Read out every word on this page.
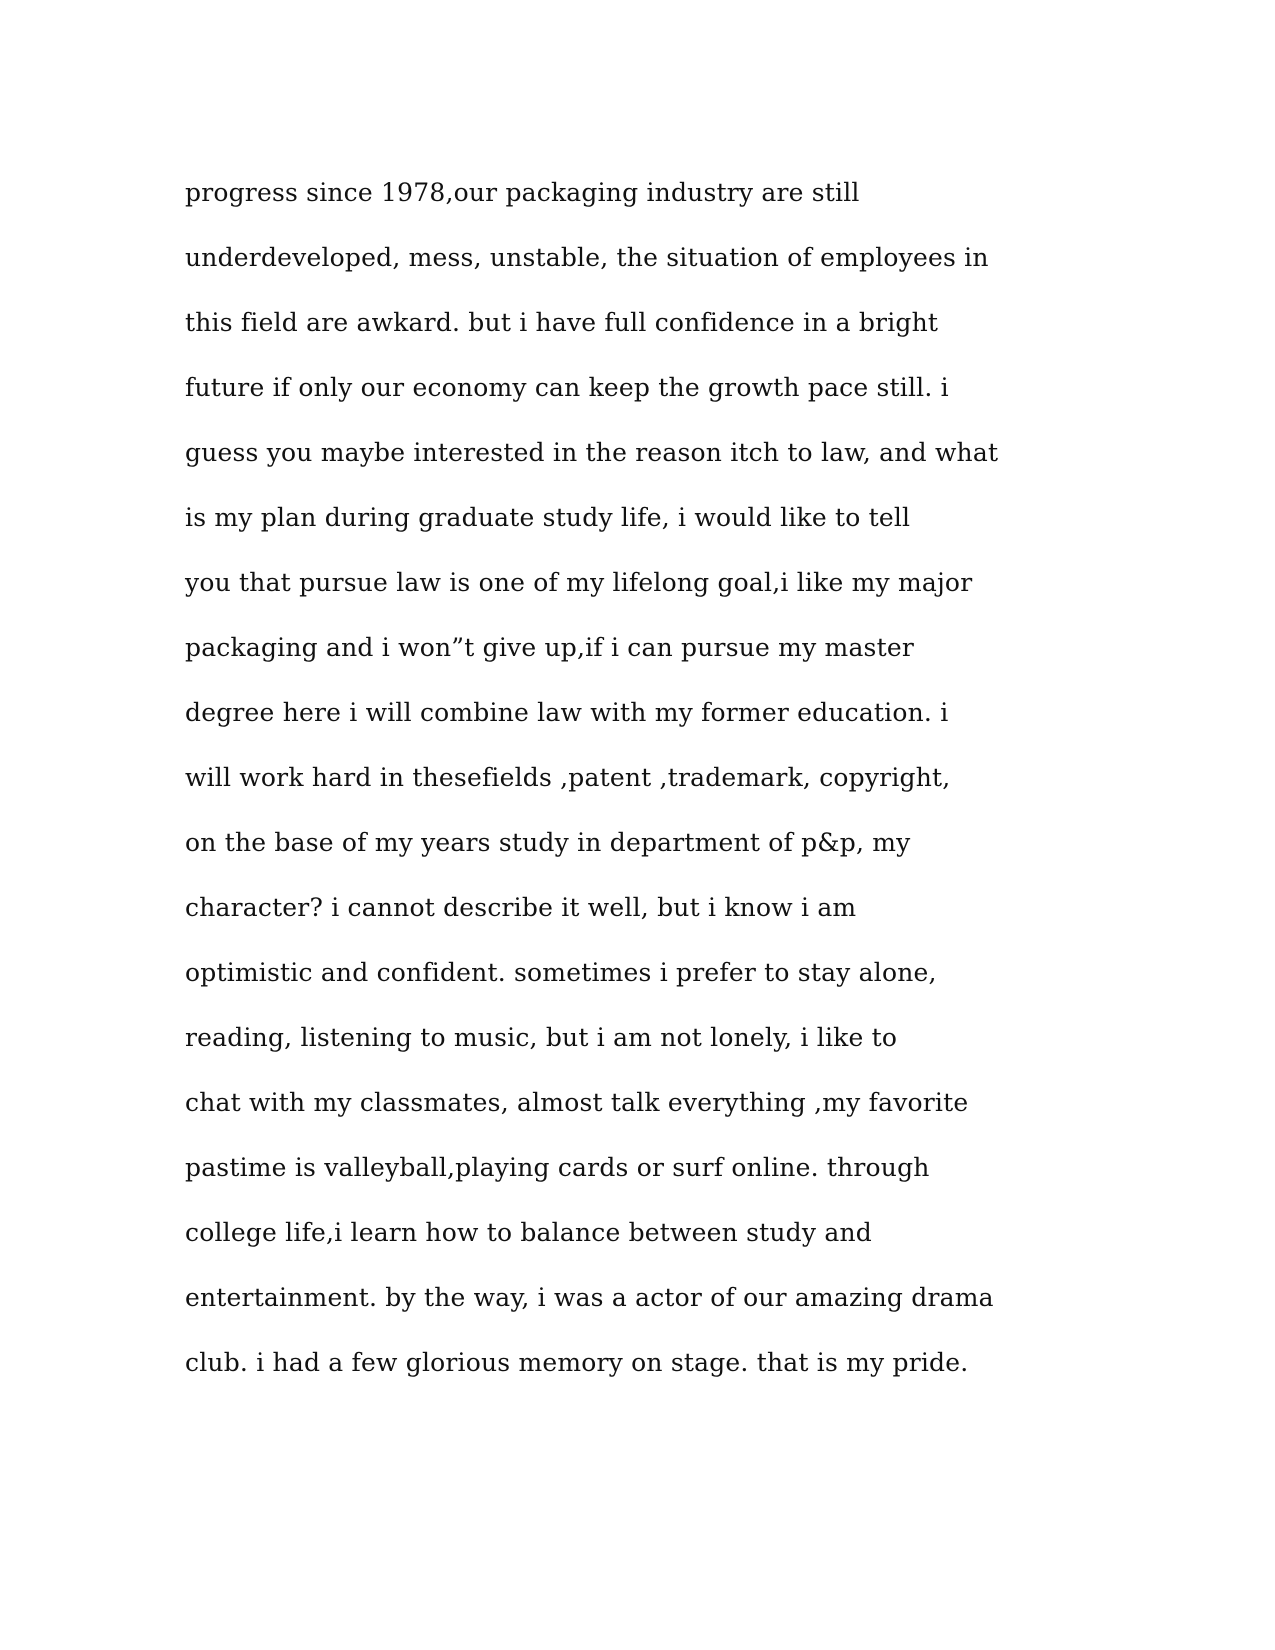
progress since 1978,our packaging industry are still
underdeveloped, mess, unstable, the situation of employees in
this field are awkard. but i have full confidence in a bright
future if only our economy can keep the growth pace still. i
guess you maybe interested in the reason itch to law, and what
is my plan during graduate study life, i would like to tell
you that pursue law is one of my lifelong goal,i like my major
packaging and i won”t give up,if i can pursue my master
degree here i will combine law with my former education. i
will work hard in thesefields ,patent ,trademark, copyright,
on the base of my years study in department of p&p, my
character? i cannot describe it well, but i know i am
optimistic and confident. sometimes i prefer to stay alone,
reading, listening to music, but i am not lonely, i like to
chat with my classmates, almost talk everything ,my favorite
pastime is valleyball,playing cards or surf online. through
college life,i learn how to balance between study and
entertainment. by the way, i was a actor of our amazing drama
club. i had a few glorious memory on stage. that is my pride.
